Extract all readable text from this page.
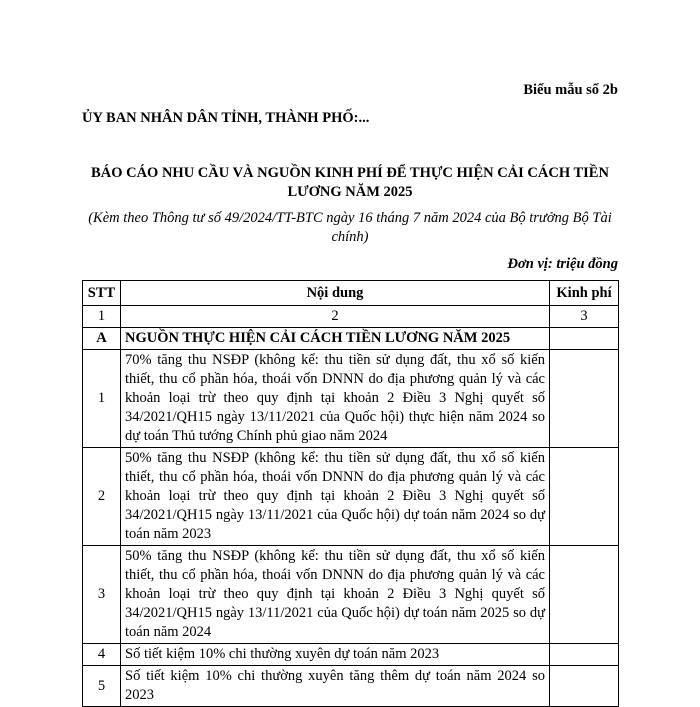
Biểu mẫu số 2b
ỦY BAN NHÂN DÂN TỈNH, THÀNH PHỐ:...
BÁO CÁO NHU CẦU VÀ NGUỒN KINH PHÍ ĐỂ THỰC HIỆN CẢI CÁCH TIỀN LƯƠNG NĂM 2025
(Kèm theo Thông tư số 49/2024/TT-BTC ngày 16 tháng 7 năm 2024 của Bộ trưởng Bộ Tài chính)
Đơn vị: triệu đồng
STT	Nội dung	Kinh phí
1	2	3
A	NGUỒN THỰC HIỆN CẢI CÁCH TIỀN LƯƠNG NĂM 2025	
1	70% tăng thu NSĐP (không kể: thu tiền sử dụng đất, thu xổ số kiến thiết, thu cổ phần hóa, thoái vốn DNNN do địa phương quản lý và các khoản loại trừ theo quy định tại khoản 2 Điều 3 Nghị quyết số 34/2021/QH15 ngày 13/11/2021 của Quốc hội) thực hiện năm 2024 so dự toán Thủ tướng Chính phủ giao năm 2024	
2	50% tăng thu NSĐP (không kể: thu tiền sử dụng đất, thu xổ số kiến thiết, thu cổ phần hóa, thoái vốn DNNN do địa phương quản lý và các khoản loại trừ theo quy định tại khoản 2 Điều 3 Nghị quyết số 34/2021/QH15 ngày 13/11/2021 của Quốc hội) dự toán năm 2024 so dự toán năm 2023	
3	50% tăng thu NSĐP (không kể: thu tiền sử dụng đất, thu xổ số kiến thiết, thu cổ phần hóa, thoái vốn DNNN do địa phương quản lý và các khoản loại trừ theo quy định tại khoản 2 Điều 3 Nghị quyết số 34/2021/QH15 ngày 13/11/2021 của Quốc hội) dự toán năm 2025 so dự toán năm 2024	
4	Số tiết kiệm 10% chi thường xuyên dự toán năm 2023	
5	Số tiết kiệm 10% chi thường xuyên tăng thêm dự toán năm 2024 so 2023	
